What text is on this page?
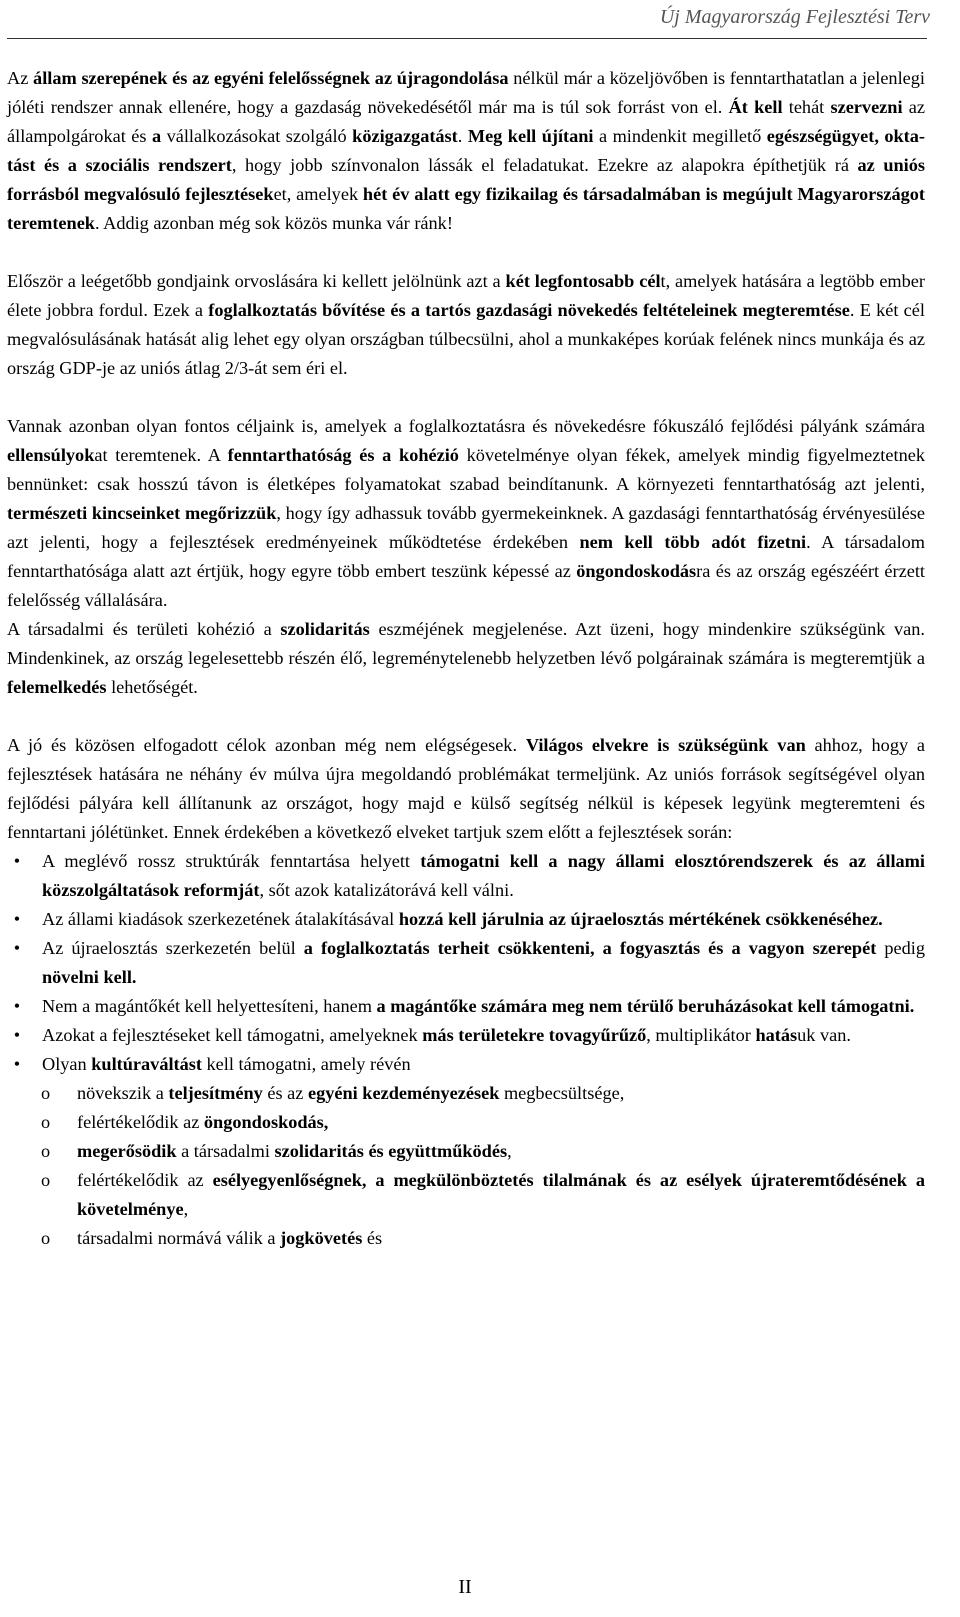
Új Magyarország Fejlesztési Terv

Az állam szerepének és az egyéni felelősségnek az újragondolása nélkül már a közeljövőben is fenntarthatatlan a jelenlegi jóléti rendszer annak ellenére, hogy a gazdaság növekedésétől már ma is túl sok forrást von el. Át kell tehát szervezni az állampolgárokat és a vállalkozásokat szolgáló közigazgatást. Meg kell újítani a mindenkit megillető egészségügyet, oktatást és a szociális rendszert, hogy jobb színvonalon lássák el feladatukat. Ezekre az alapokra építhetjük rá az uniós forrásból megvalósuló fejlesztéseket, amelyek hét év alatt egy fizikailag és társadalmában is megújult Magyarországot teremtenek. Addig azonban még sok közös munka vár ránk!

Először a leégetőbb gondjaink orvoslására ki kellett jelölnünk azt a két legfontosabb célt, amelyek hatására a legtöbb ember élete jobbra fordul. Ezek a foglalkoztatás bővítése és a tartós gazdasági növekedés feltételeinek megteremtése. E két cél megvalósulásának hatását alig lehet egy olyan országban túlbecsülni, ahol a munkaképes korúak felének nincs munkája és az ország GDP-je az uniós átlag 2/3-át sem éri el.

Vannak azonban olyan fontos céljaink is, amelyek a foglalkoztatásra és növekedésre fókuszáló fejlődési pályánk számára ellensúlyokat teremtenek. A fenntarthatóság és a kohézió követelménye olyan fékek, amelyek mindig figyelmeztetnek bennünket: csak hosszú távon is életképes folyamatokat szabad beindítanunk. A környezeti fenntarthatóság azt jelenti, természeti kincseinket megőrizzük, hogy így adhassuk tovább gyermekeinknek. A gazdasági fenntarthatóság érvényesülése azt jelenti, hogy a fejlesztések eredményeinek működtetése érdekében nem kell több adót fizetni. A társadalom fenntarthatósága alatt azt értjük, hogy egyre több embert teszünk képessé az öngondoskodásra és az ország egészéért érzett felelősség vállalására.

A társadalmi és területi kohézió a szolidaritás eszméjének megjelenése. Azt üzeni, hogy mindenkire szükségünk van. Mindenkinek, az ország legelesettebb részén élő, legreménytelenebb helyzetben lévő polgárainak számára is megteremtjük a felemelkedés lehetőségét.

A jó és közösen elfogadott célok azonban még nem elégségesek. Világos elvekre is szükségünk van ahhoz, hogy a fejlesztések hatására ne néhány év múlva újra megoldandó problémákat termeljünk. Az uniós források segítségével olyan fejlődési pályára kell állítanunk az országot, hogy majd e külső segítség nélkül is képesek legyünk megteremteni és fenntartani jólétünket. Ennek érdekében a következő elveket tartjuk szem előtt a fejlesztések során:

•	A meglévő rossz struktúrák fenntartása helyett támogatni kell a nagy állami elosztórendszerek és az állami közszolgáltatások reformját, sőt azok katalizátorává kell válni.
•	Az állami kiadások szerkezetének átalakításával hozzá kell járulnia az újraelosztás mértékének csökkenéséhez.
•	Az újraelosztás szerkezetén belül a foglalkoztatás terheit csökkenteni, a fogyasztás és a vagyon szerepét pedig növelni kell.
•	Nem a magántőkét kell helyettesíteni, hanem a magántőke számára meg nem térülő beruházásokat kell támogatni.
•	Azokat a fejlesztéseket kell támogatni, amelyeknek más területekre tovagyűrűző, multiplikátor hatásuk van.
•	Olyan kultúraváltást kell támogatni, amely révén
o növekszik a teljesítmény és az egyéni kezdeményezések megbecsültsége,
o felértékelődik az öngondoskodás,
o megerősödik a társadalmi szolidaritás és együttműködés,
o felértékelődik az esélyegyenlőségnek, a megkülönböztetés tilalmának és az esélyek újrateremtődésének a követelménye,
o társadalmi normává válik a jogkövetés és
II
